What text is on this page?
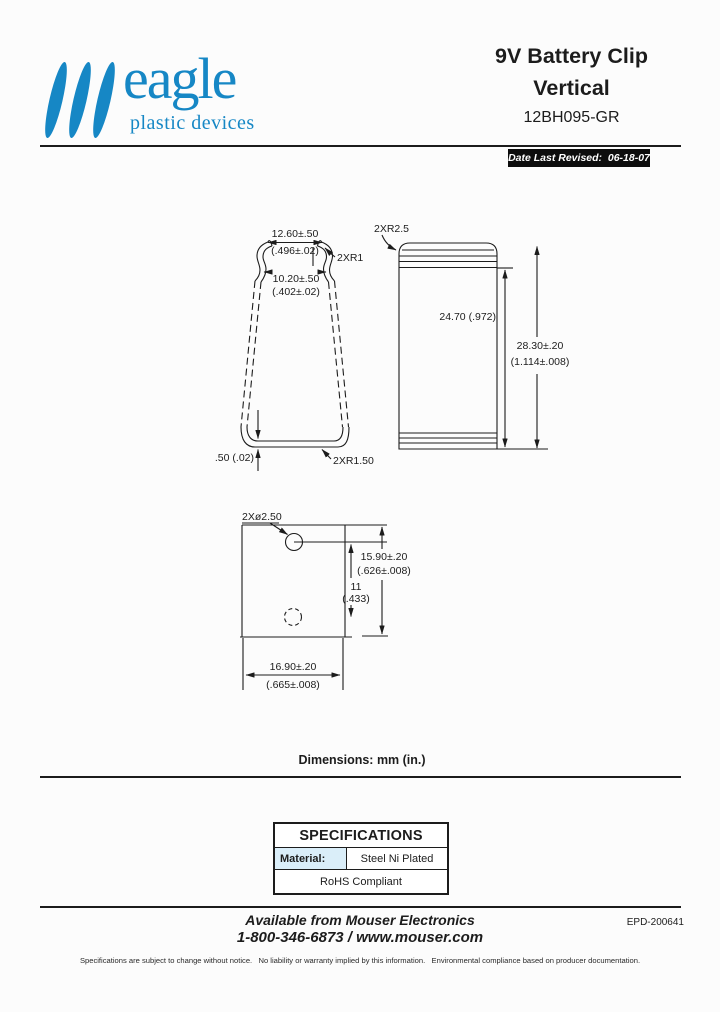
eagle
plastic devices
9V Battery Clip
Vertical
12BH095-GR
Date Last Revised:  06-18-07
12.60±.50
(.496±.02)
2XR1
10.20±.50
(.402±.02)
.50 (.02)	2XR1.50
2XR2.5
24.70 (.972)
28.30±.20
(1.114±.008)
2Xø2.50
11
(.433)
15.90±.20
(.626±.008)
16.90±.20
(.665±.008)
Dimensions: mm (in.)
SPECIFICATIONS
Material:	Steel Ni Plated
RoHS Compliant
Available from Mouser Electronics
1-800-346-6873 / www.mouser.com
EPD-200641
Specifications are subject to change without notice.   No liability or warranty implied by this information.   Environmental compliance based on producer documentation.
